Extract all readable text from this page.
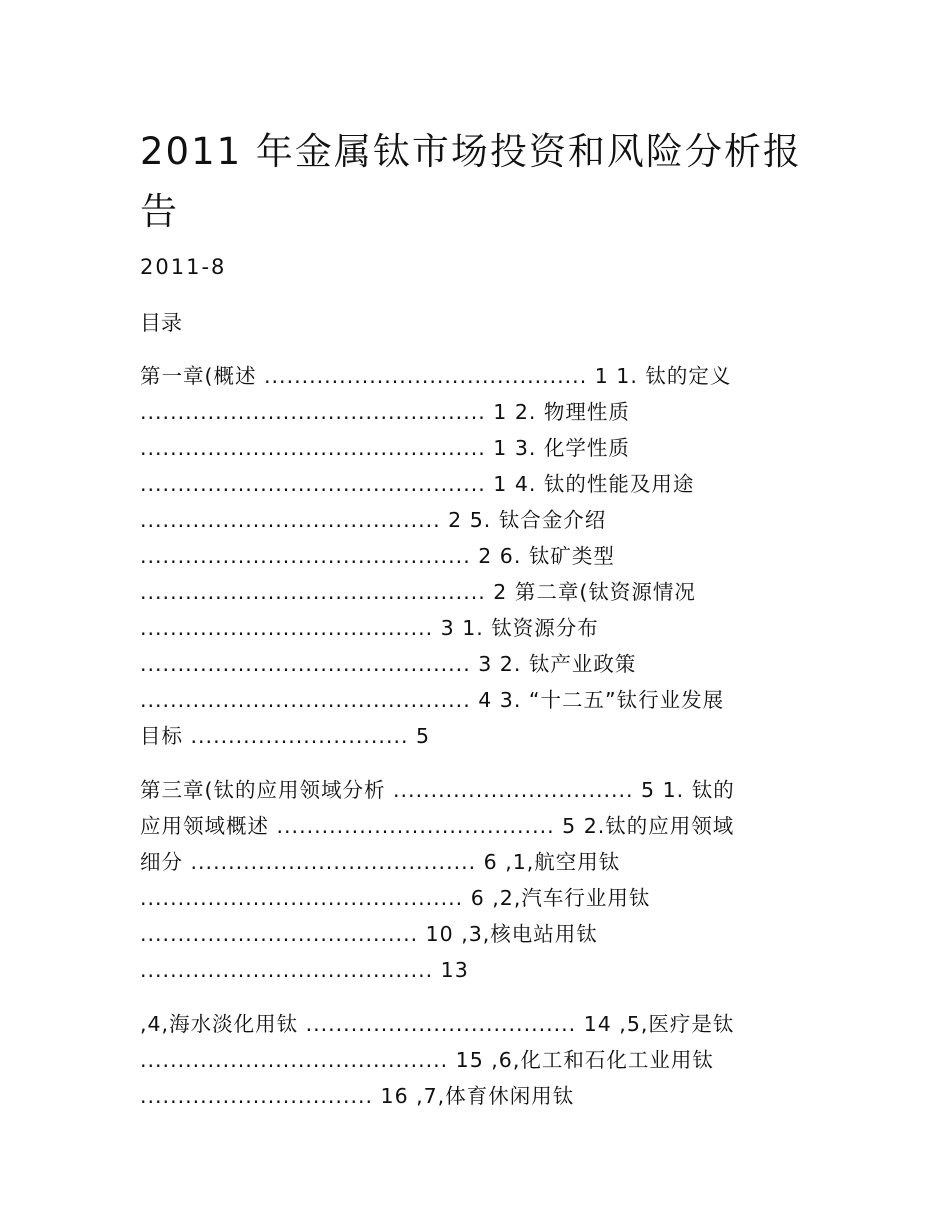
2011 年金属钛市场投资和风险分析报
告
2011-8
目录
第一章(概述 ........................................... 1 1. 钛的定义
.............................................. 1 2. 物理性质
.............................................. 1 3. 化学性质
.............................................. 1 4. 钛的性能及用途
........................................ 2 5. 钛合金介绍
............................................ 2 6. 钛矿类型
.............................................. 2 第二章(钛资源情况
....................................... 3 1. 钛资源分布
............................................ 3 2. 钛产业政策
............................................ 4 3. “十二五”钛行业发展
目标 ............................. 5
第三章(钛的应用领域分析 ................................ 5 1. 钛的
应用领域概述 ..................................... 5 2.钛的应用领域
细分 ...................................... 6 ,1,航空用钛
........................................... 6 ,2,汽车行业用钛
..................................... 10 ,3,核电站用钛
....................................... 13
,4,海水淡化用钛 .................................... 14 ,5,医疗是钛
......................................... 15 ,6,化工和石化工业用钛
............................... 16 ,7,体育休闲用钛
